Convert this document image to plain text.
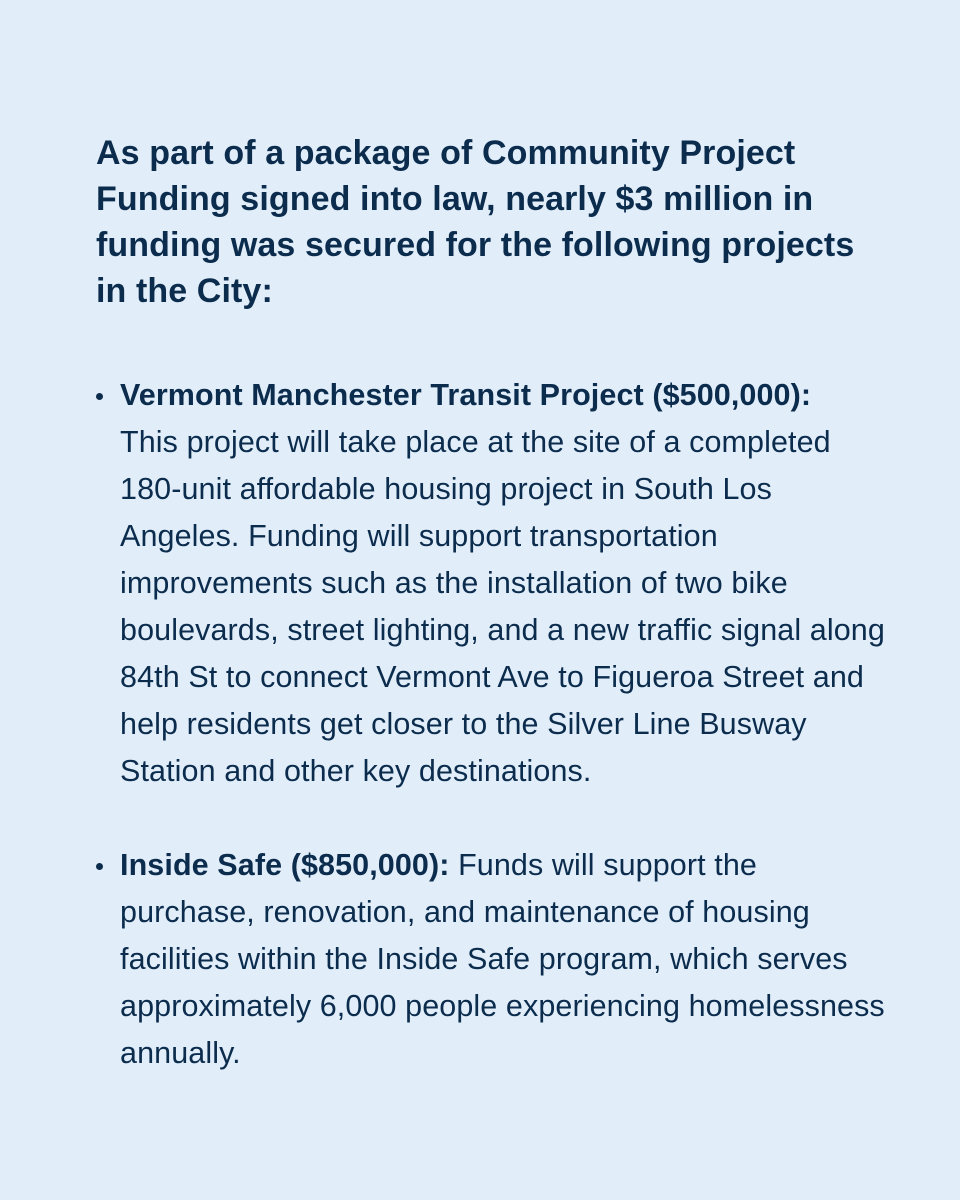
As part of a package of Community Project Funding signed into law, nearly $3 million in funding was secured for the following projects in the City:

Vermont Manchester Transit Project ($500,000):
This project will take place at the site of a completed 180-unit affordable housing project in South Los Angeles. Funding will support transportation improvements such as the installation of two bike boulevards, street lighting, and a new traffic signal along 84th St to connect Vermont Ave to Figueroa Street and help residents get closer to the Silver Line Busway Station and other key destinations.
Inside Safe ($850,000): Funds will support the purchase, renovation, and maintenance of housing facilities within the Inside Safe program, which serves approximately 6,000 people experiencing homelessness annually.
